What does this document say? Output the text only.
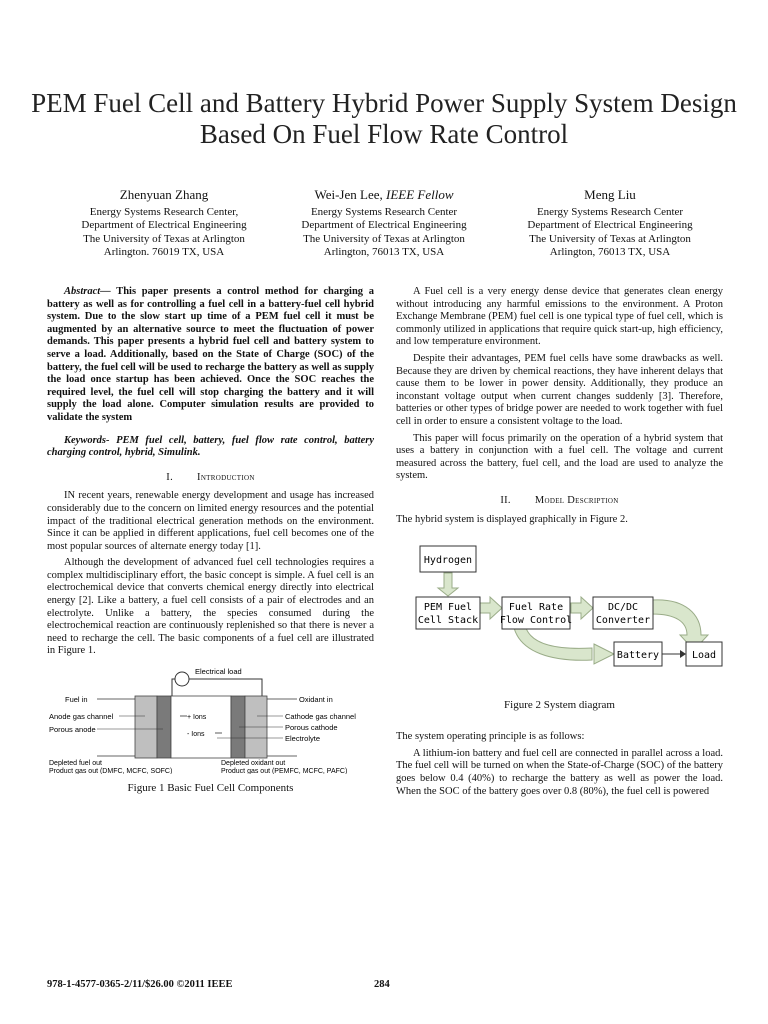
PEM Fuel Cell and Battery Hybrid Power Supply System Design
Based On Fuel Flow Rate Control
Zhenyuan Zhang
Energy Systems Research Center,
Department of Electrical Engineering
The University of Texas at Arlington
Arlington. 76019 TX, USA
Wei-Jen Lee, IEEE Fellow
Energy Systems Research Center
Department of Electrical Engineering
The University of Texas at Arlington
Arlington, 76013 TX, USA
Meng Liu
Energy Systems Research Center
Department of Electrical Engineering
The University of Texas at Arlington
Arlington, 76013 TX, USA

Abstract— This paper presents a control method for charging a battery as well as for controlling a fuel cell in a battery-fuel cell hybrid system. Due to the slow start up time of a PEM fuel cell it must be augmented by an alternative source to meet the fluctuation of power demands. This paper presents a hybrid fuel cell and battery system to serve a load. Additionally, based on the State of Charge (SOC) of the battery, the fuel cell will be used to recharge the battery as well as supply the load once startup has been achieved. Once the SOC reaches the required level, the fuel cell will stop charging the battery and it will supply the load alone. Computer simulation results are provided to validate the system

Keywords- PEM fuel cell, battery, fuel flow rate control, battery charging control, hybrid, Simulink.

I. Introduction

IN recent years, renewable energy development and usage has increased considerably due to the concern on limited energy resources and the potential impact of the traditional electrical generation methods on the environment. Since it can be applied in different applications, fuel cell becomes one of the most popular sources of alternate energy today [1].

Although the development of advanced fuel cell technologies requires a complex multidisciplinary effort, the basic concept is simple. A fuel cell is an electrochemical device that converts chemical energy directly into electrical energy [2]. Like a battery, a fuel cell consists of a pair of electrodes and an electrolyte. Unlike a battery, the species consumed during the electrochemical reaction are continuously replenished so that there is never a need to recharge the cell. The basic components of a fuel cell are illustrated in Figure 1.

Electrical load
+ Ions
- Ions
Fuel in
Anode gas channel
Porous anode
Oxidant in
Cathode gas channel
Porous cathode
Electrolyte
Depleted fuel out
Product gas out (DMFC, MCFC, SOFC)
Depleted oxidant out
Product gas out (PEMFC, MCFC, PAFC)
Figure 1 Basic Fuel Cell Components

A Fuel cell is a very energy dense device that generates clean energy without introducing any harmful emissions to the environment. A Proton Exchange Membrane (PEM) fuel cell is one typical type of fuel cell, which is commonly utilized in applications that require quick start-up, high efficiency, and low temperature environment.

Despite their advantages, PEM fuel cells have some drawbacks as well. Because they are driven by chemical reactions, they have inherent delays that cause them to be lower in power density. Additionally, they produce an inconstant voltage output when current changes suddenly [3]. Therefore, batteries or other types of bridge power are needed to work together with fuel cell in order to ensure a consistent voltage to the load.

This paper will focus primarily on the operation of a hybrid system that uses a battery in conjunction with a fuel cell. The voltage and current measured across the battery, fuel cell, and the load are used to analyze the system.

II. Model Description

The hybrid system is displayed graphically in Figure 2.

Hydrogen
PEM Fuel
Cell Stack
Fuel Rate
Flow Control
DC/DC
Converter
Battery	Load
Figure 2 System diagram

The system operating principle is as follows:

A lithium-ion battery and fuel cell are connected in parallel across a load. The fuel cell will be turned on when the State-of-Charge (SOC) of the battery goes below 0.4 (40%) to recharge the battery as well as power the load. When the SOC of the battery goes over 0.8 (80%), the fuel cell is powered

978-1-4577-0365-2/11/$26.00 ©2011 IEEE	284
